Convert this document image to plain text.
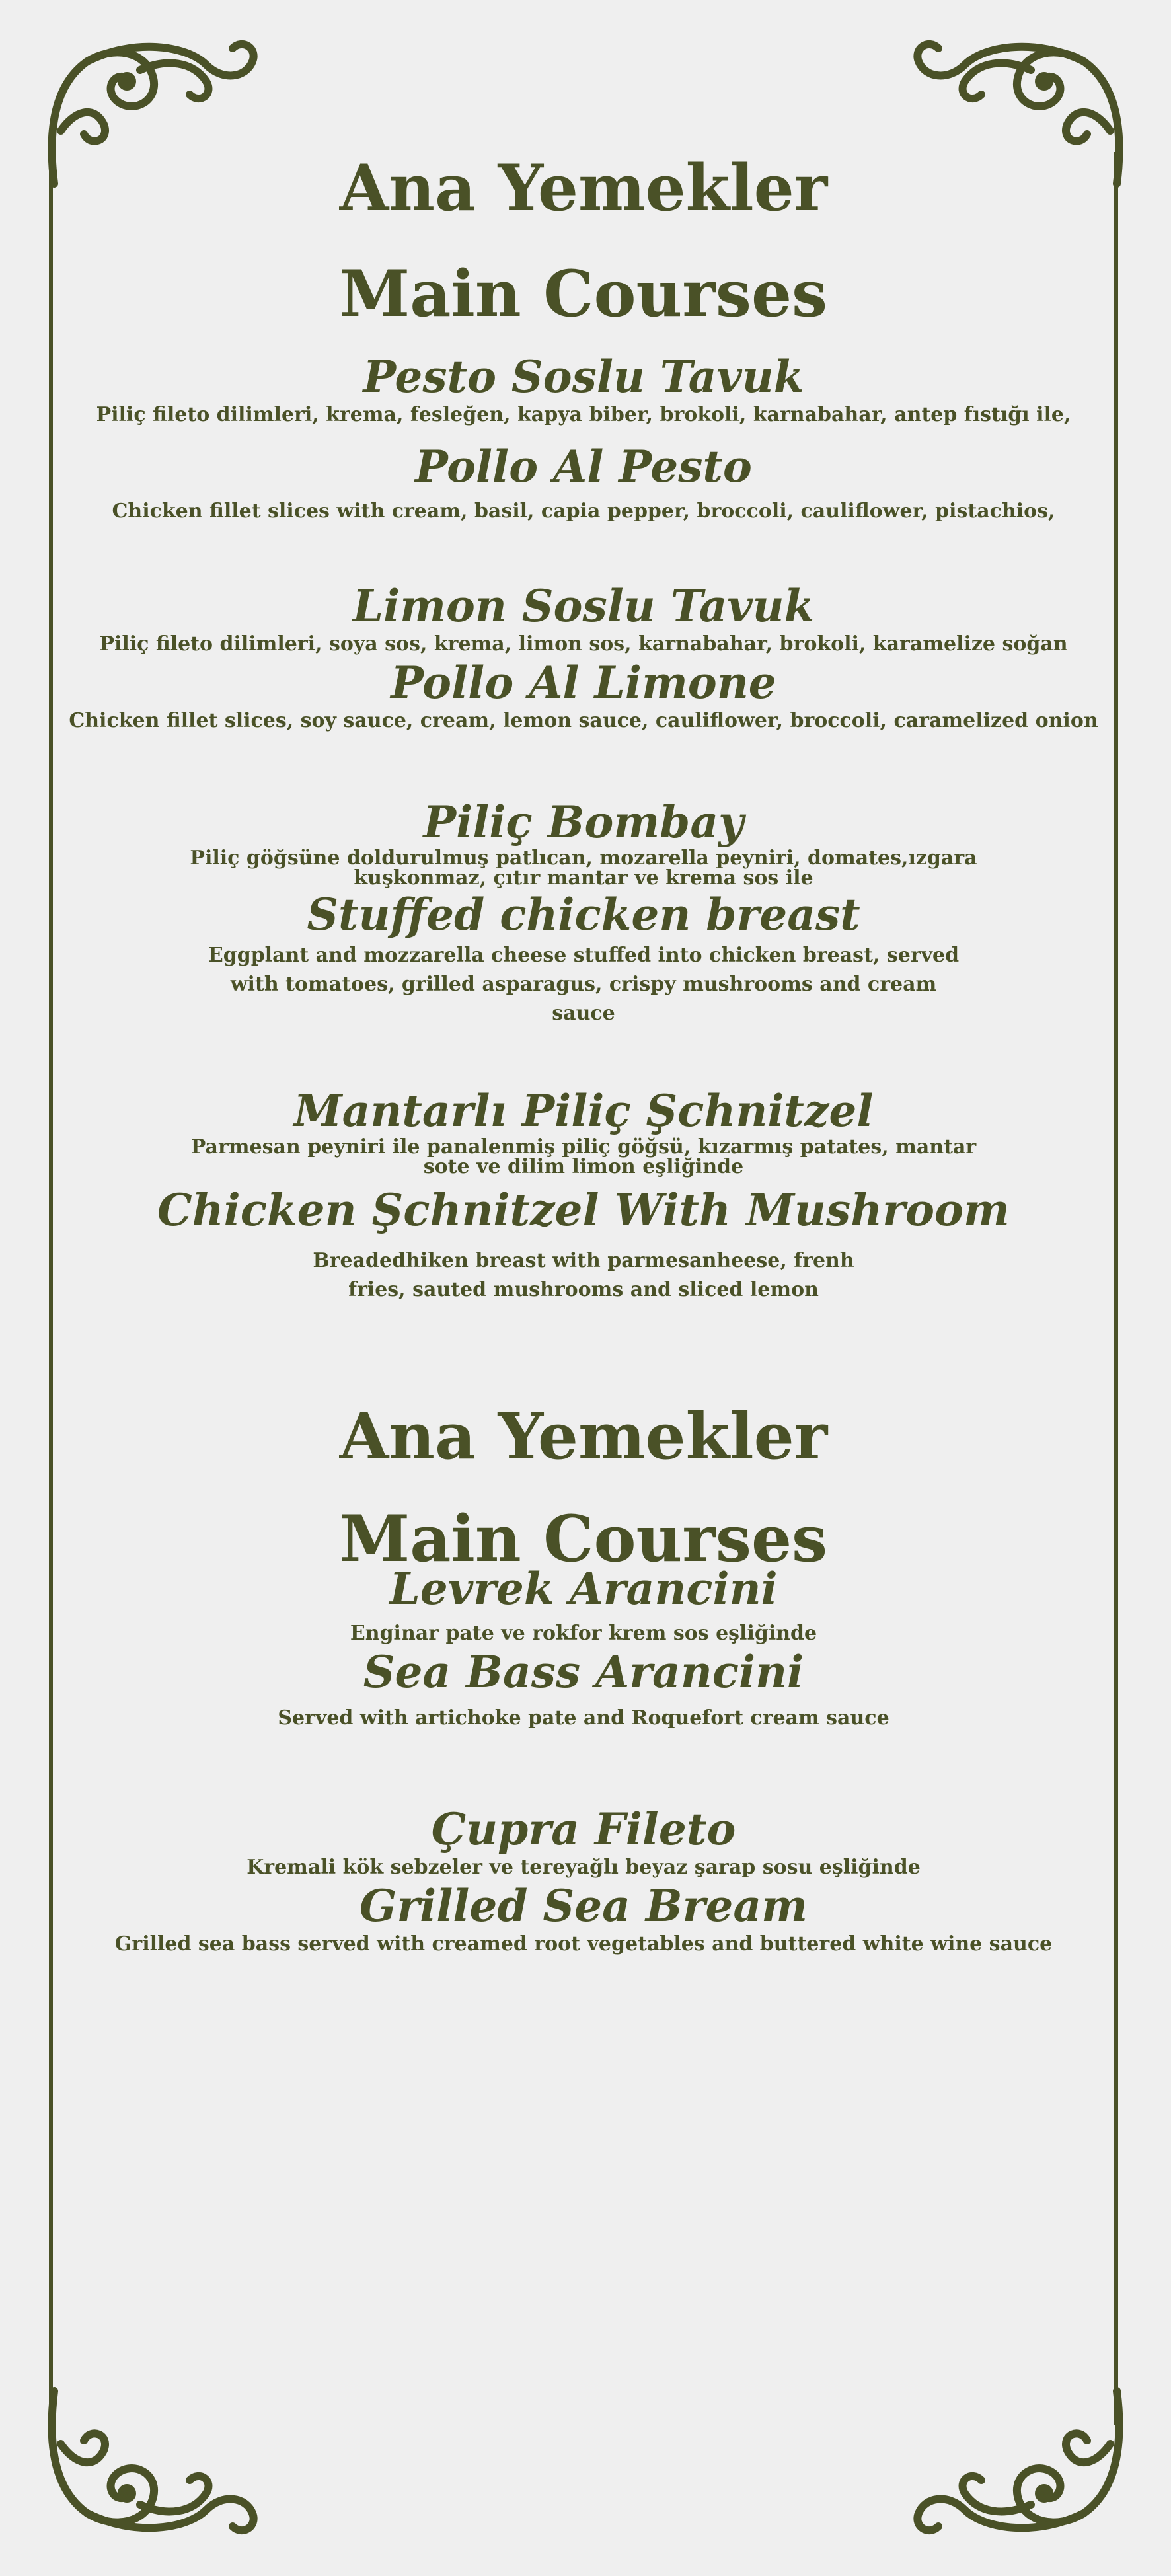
Ana Yemekler
Main Courses
Pesto Soslu Tavuk

Piliç fileto dilimleri, krema, fesleğen, kapya biber, brokoli, karnabahar, antep fıstığı ile,

Pollo Al Pesto

Chicken fillet slices with cream, basil, capia pepper, broccoli, cauliflower, pistachios,

Limon Soslu Tavuk

Piliç fileto dilimleri, soya sos, krema, limon sos, karnabahar, brokoli, karamelize soğan

Pollo Al Limone

Chicken fillet slices, soy sauce, cream, lemon sauce, cauliflower, broccoli, caramelized onion

Piliç Bombay

Piliç göğsüne doldurulmuş patlıcan, mozarella peyniri, domates,ızgara kuşkonmaz, çıtır mantar ve krema sos ile

Stuffed chicken breast

Eggplant and mozzarella cheese stuffed into chicken breast, served with tomatoes, grilled asparagus, crispy mushrooms and cream sauce

Mantarlı Piliç Şchnitzel

Parmesan peyniri ile panalenmiş piliç göğsü, kızarmış patates, mantar sote ve dilim limon eşliğinde

Chicken Şchnitzel With Mushroom

Breadedhiken breast with parmesanheese, frenh fries, sauted mushrooms and sliced lemon

Ana Yemekler
Main Courses
Levrek Arancini

Enginar pate ve rokfor krem sos eşliğinde

Sea Bass Arancini

Served with artichoke pate and Roquefort cream sauce

Çupra Fileto

Kremali kök sebzeler ve tereyağlı beyaz şarap sosu eşliğinde

Grilled Sea Bream

Grilled sea bass served with creamed root vegetables and buttered white wine sauce
